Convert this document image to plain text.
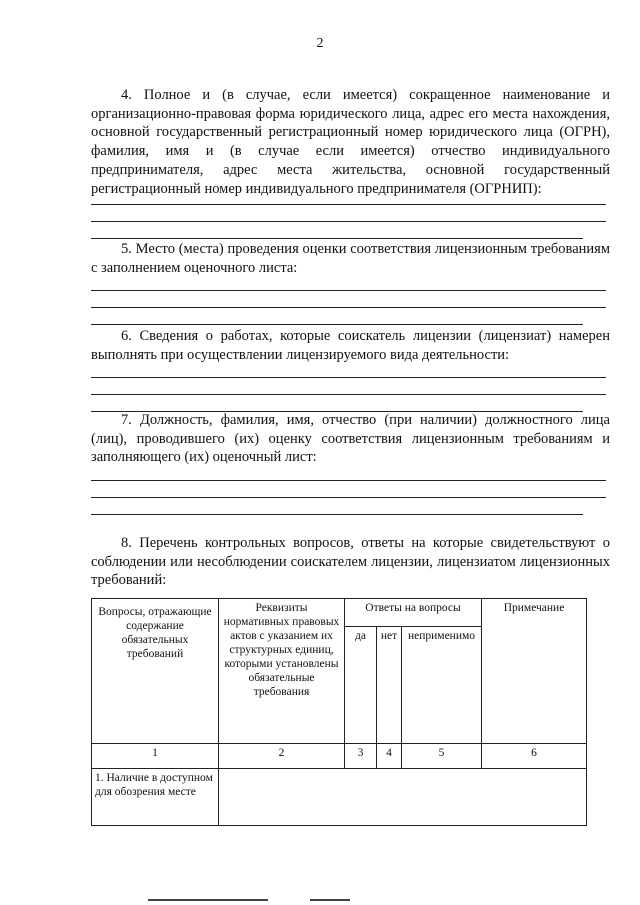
2

4. Полное и (в случае, если имеется) сокращенное наименование и организационно-правовая форма юридического лица, адрес его места нахождения, основной государственный регистрационный номер юридического лица (ОГРН), фамилия, имя и (в случае если имеется) отчество индивидуального предпринимателя, адрес места жительства, основной государственный регистрационный номер индивидуального предпринимателя (ОГРНИП):

5. Место (места) проведения оценки соответствия лицензионным требованиям с заполнением оценочного листа:

6. Сведения о работах, которые соискатель лицензии (лицензиат) намерен выполнять при осуществлении лицензируемого вида деятельности:

7. Должность, фамилия, имя, отчество (при наличии) должностного лица (лиц), проводившего (их) оценку соответствия лицензионным требованиям и заполняющего (их) оценочный лист:

8. Перечень контрольных вопросов, ответы на которые свидетельствуют о соблюдении или несоблюдении соискателем лицензии, лицензиатом лицензионных требований:

Вопросы, отражающие содержание обязательных требований	Реквизиты нормативных правовых актов с указанием их структурных единиц, которыми установлены обязательные требования	Ответы на вопросы			Примечание
		да	нет	неприменимо	
1	2	3	4	5	6
1. Наличие в доступном для обозрения месте					
